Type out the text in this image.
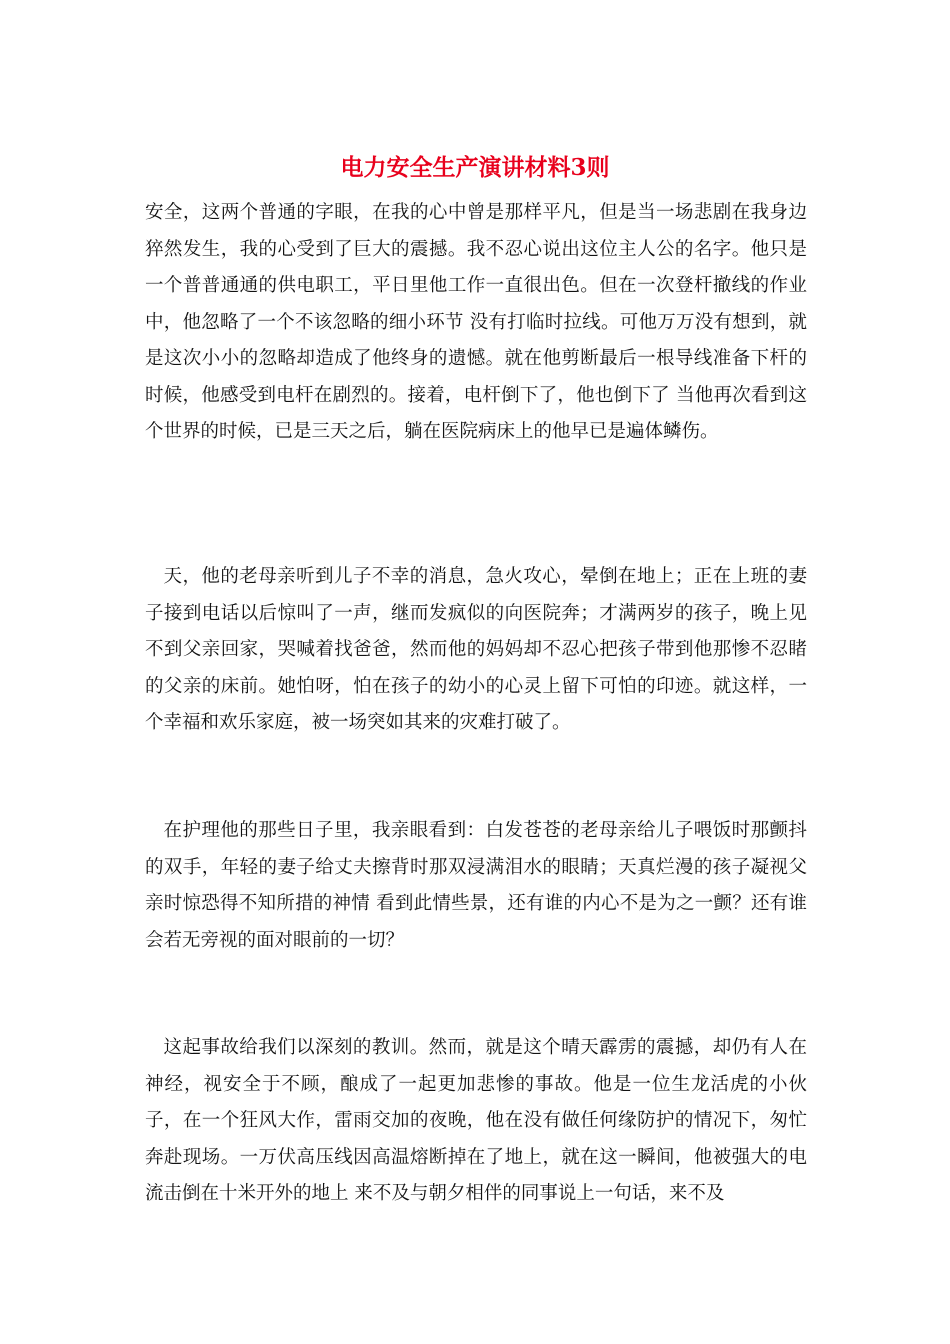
电力安全生产演讲材料3则

安全，这两个普通的字眼，在我的心中曾是那样平凡，但是当一场悲剧在我身边猝然发生，我的心受到了巨大的震撼。我不忍心说出这位主人公的名字。他只是一个普普通通的供电职工，平日里他工作一直很出色。但在一次登杆撤线的作业中，他忽略了一个不该忽略的细小环节 没有打临时拉线。可他万万没有想到，就是这次小小的忽略却造成了他终身的遗憾。就在他剪断最后一根导线准备下杆的时候，他感受到电杆在剧烈的。接着，电杆倒下了，他也倒下了 当他再次看到这个世界的时候，已是三天之后，躺在医院病床上的他早已是遍体鳞伤。

天，他的老母亲听到儿子不幸的消息，急火攻心，晕倒在地上；正在上班的妻子接到电话以后惊叫了一声，继而发疯似的向医院奔；才满两岁的孩子，晚上见不到父亲回家，哭喊着找爸爸，然而他的妈妈却不忍心把孩子带到他那惨不忍睹的父亲的床前。她怕呀，怕在孩子的幼小的心灵上留下可怕的印迹。就这样，一个幸福和欢乐家庭，被一场突如其来的灾难打破了。

在护理他的那些日子里，我亲眼看到：白发苍苍的老母亲给儿子喂饭时那颤抖的双手，年轻的妻子给丈夫擦背时那双浸满泪水的眼睛；天真烂漫的孩子凝视父亲时惊恐得不知所措的神情 看到此情些景，还有谁的内心不是为之一颤？还有谁会若无旁视的面对眼前的一切？

这起事故给我们以深刻的教训。然而，就是这个晴天霹雳的震撼，却仍有人在神经，视安全于不顾，酿成了一起更加悲惨的事故。他是一位生龙活虎的小伙子，在一个狂风大作，雷雨交加的夜晚，他在没有做任何缘防护的情况下，匆忙奔赴现场。一万伏高压线因高温熔断掉在了地上，就在这一瞬间，他被强大的电流击倒在十米开外的地上 来不及与朝夕相伴的同事说上一句话，来不及
